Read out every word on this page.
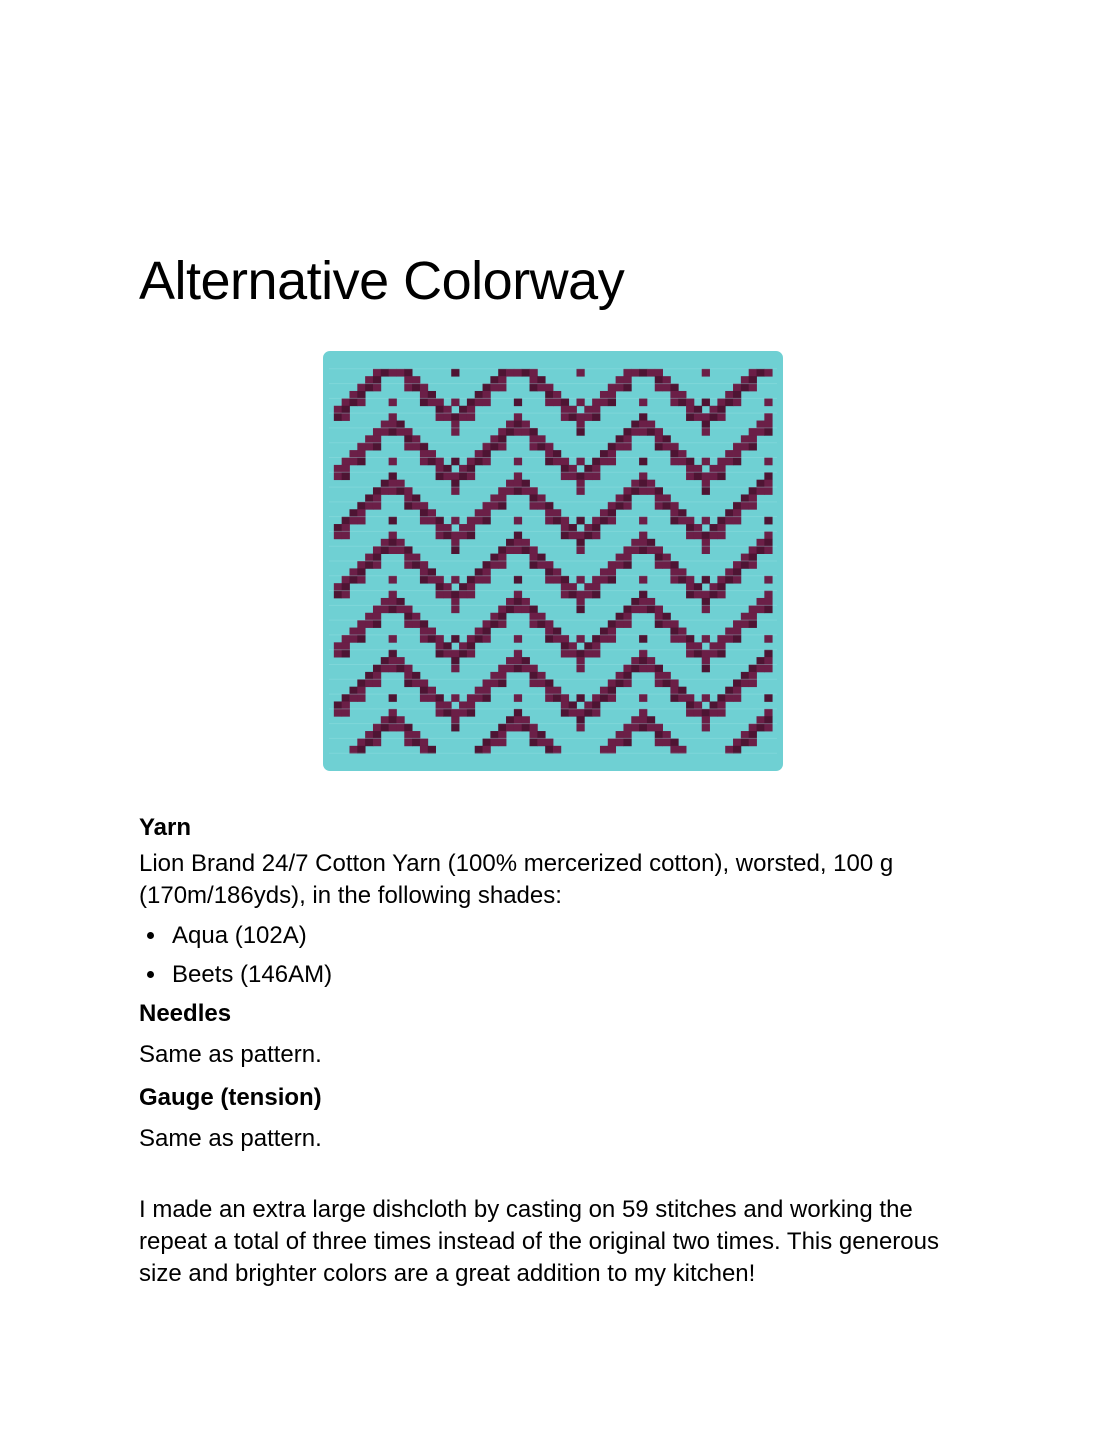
Alternative Colorway
Yarn

Lion Brand 24/7 Cotton Yarn (100% mercerized cotton), worsted, 100 g (170m/186yds), in the following shades:

Aqua (102A)
Beets (146AM)
Needles

Same as pattern.

Gauge (tension)

Same as pattern.

I made an extra large dishcloth by casting on 59 stitches and working the repeat a total of three times instead of the original two times. This generous size and brighter colors are a great addition to my kitchen!
